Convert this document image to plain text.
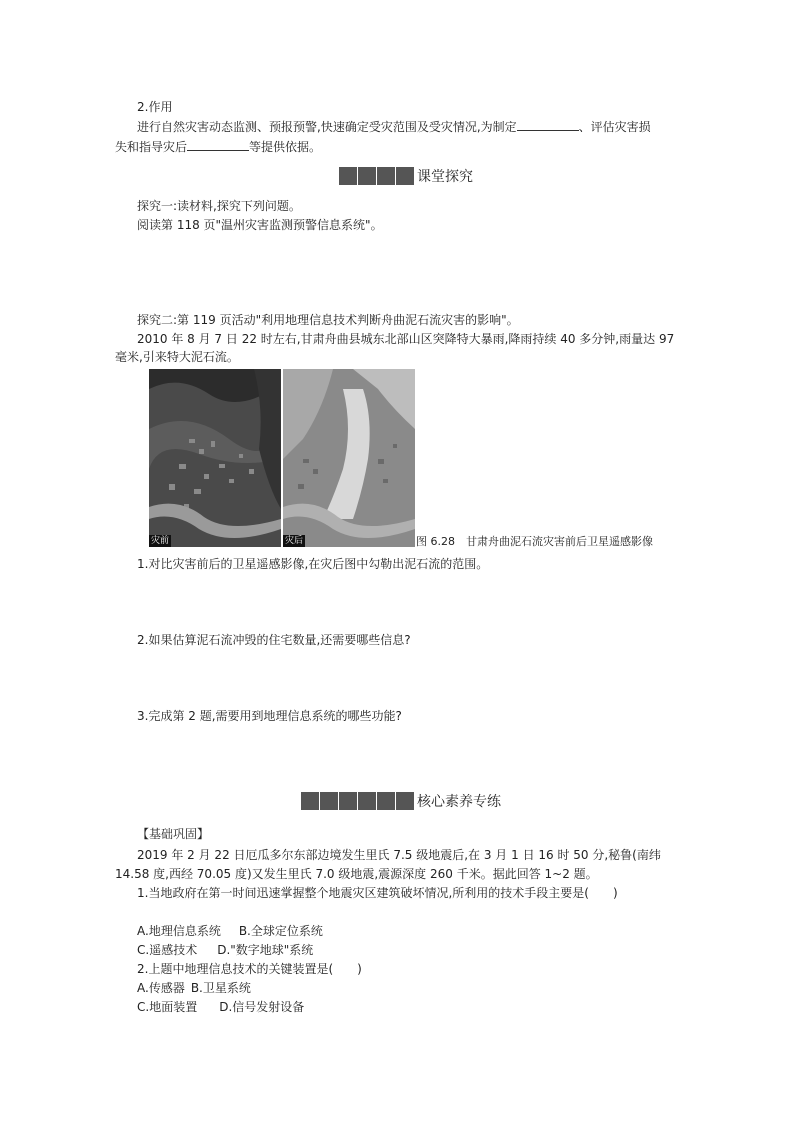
2.作用
进行自然灾害动态监测、预报预警,快速确定受灾范围及受灾情况,为制定	、评估灾害损
失和指导灾后	等提供依据。
课堂探究
探究一:读材料,探究下列问题。
阅读第 118 页"温州灾害监测预警信息系统"。
探究二:第 119 页活动"利用地理信息技术判断舟曲泥石流灾害的影响"。
2010 年 8 月 7 日 22 时左右,甘肃舟曲县城东北部山区突降特大暴雨,降雨持续 40 多分钟,雨量达 97
毫米,引来特大泥石流。
灾前	灾后	图 6.28　甘肃舟曲泥石流灾害前后卫星遥感影像
1.对比灾害前后的卫星遥感影像,在灾后图中勾勒出泥石流的范围。
2.如果估算泥石流冲毁的住宅数量,还需要哪些信息?
3.完成第 2 题,需要用到地理信息系统的哪些功能?
核心素养专练
【基础巩固】
2019 年 2 月 22 日厄瓜多尔东部边境发生里氏 7.5 级地震后,在 3 月 1 日 16 时 50 分,秘鲁(南纬
14.58 度,西经 70.05 度)又发生里氏 7.0 级地震,震源深度 260 千米。据此回答 1~2 题。
1.当地政府在第一时间迅速掌握整个地震灾区建筑破坏情况,所利用的技术手段主要是(　　)
A.地理信息系统 B.全球定位系统
C.遥感技术 D."数字地球"系统
2.上题中地理信息技术的关键装置是(　　)
A.传感器 B.卫星系统
C.地面装置 D.信号发射设备
